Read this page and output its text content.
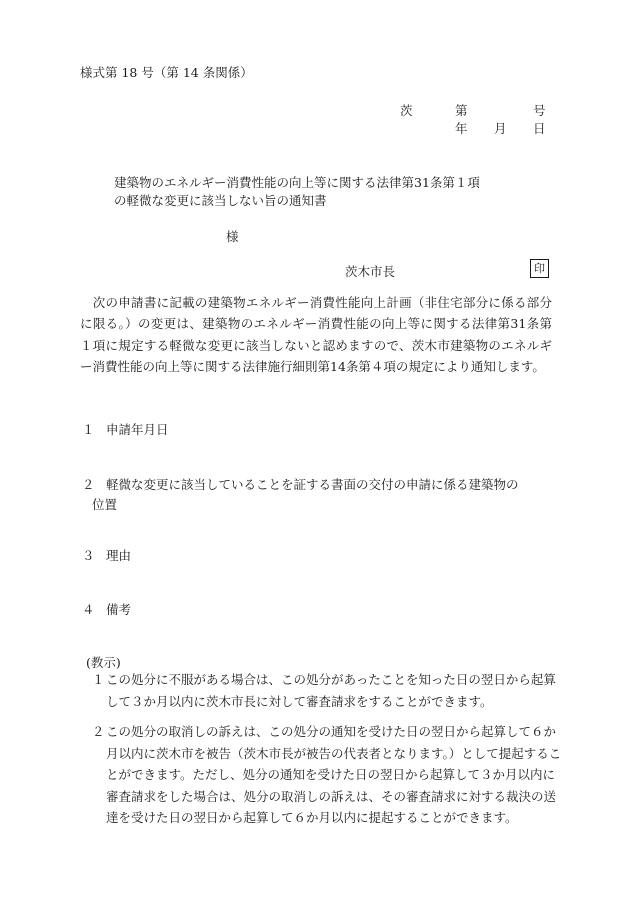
様式第 18 号（第 14 条関係）
茨	第	号
年 月 日
建築物のエネルギー消費性能の向上等に関する法律第31条第１項
の軽微な変更に該当しない旨の通知書
様
茨木市長	印
　次の申請書に記載の建築物エネルギー消費性能向上計画（非住宅部分に係る部分に限る。）の変更は、建築物のエネルギー消費性能の向上等に関する法律第31条第１項に規定する軽微な変更に該当しないと認めますので、茨木市建築物のエネルギー消費性能の向上等に関する法律施行細則第14条第４項の規定により通知します。
１ 申請年月日
２ 軽微な変更に該当していることを証する書面の交付の申請に係る建築物の
位置
３ 理由
４ 備考
(教示)
１ この処分に不服がある場合は、この処分があったことを知った日の翌日から起算して３か月以内に茨木市長に対して審査請求をすることができます。
２ この処分の取消しの訴えは、この処分の通知を受けた日の翌日から起算して６か月以内に茨木市を被告（茨木市長が被告の代表者となります。）として提起することができます。ただし、処分の通知を受けた日の翌日から起算して３か月以内に審査請求をした場合は、処分の取消しの訴えは、その審査請求に対する裁決の送達を受けた日の翌日から起算して６か月以内に提起することができます。
